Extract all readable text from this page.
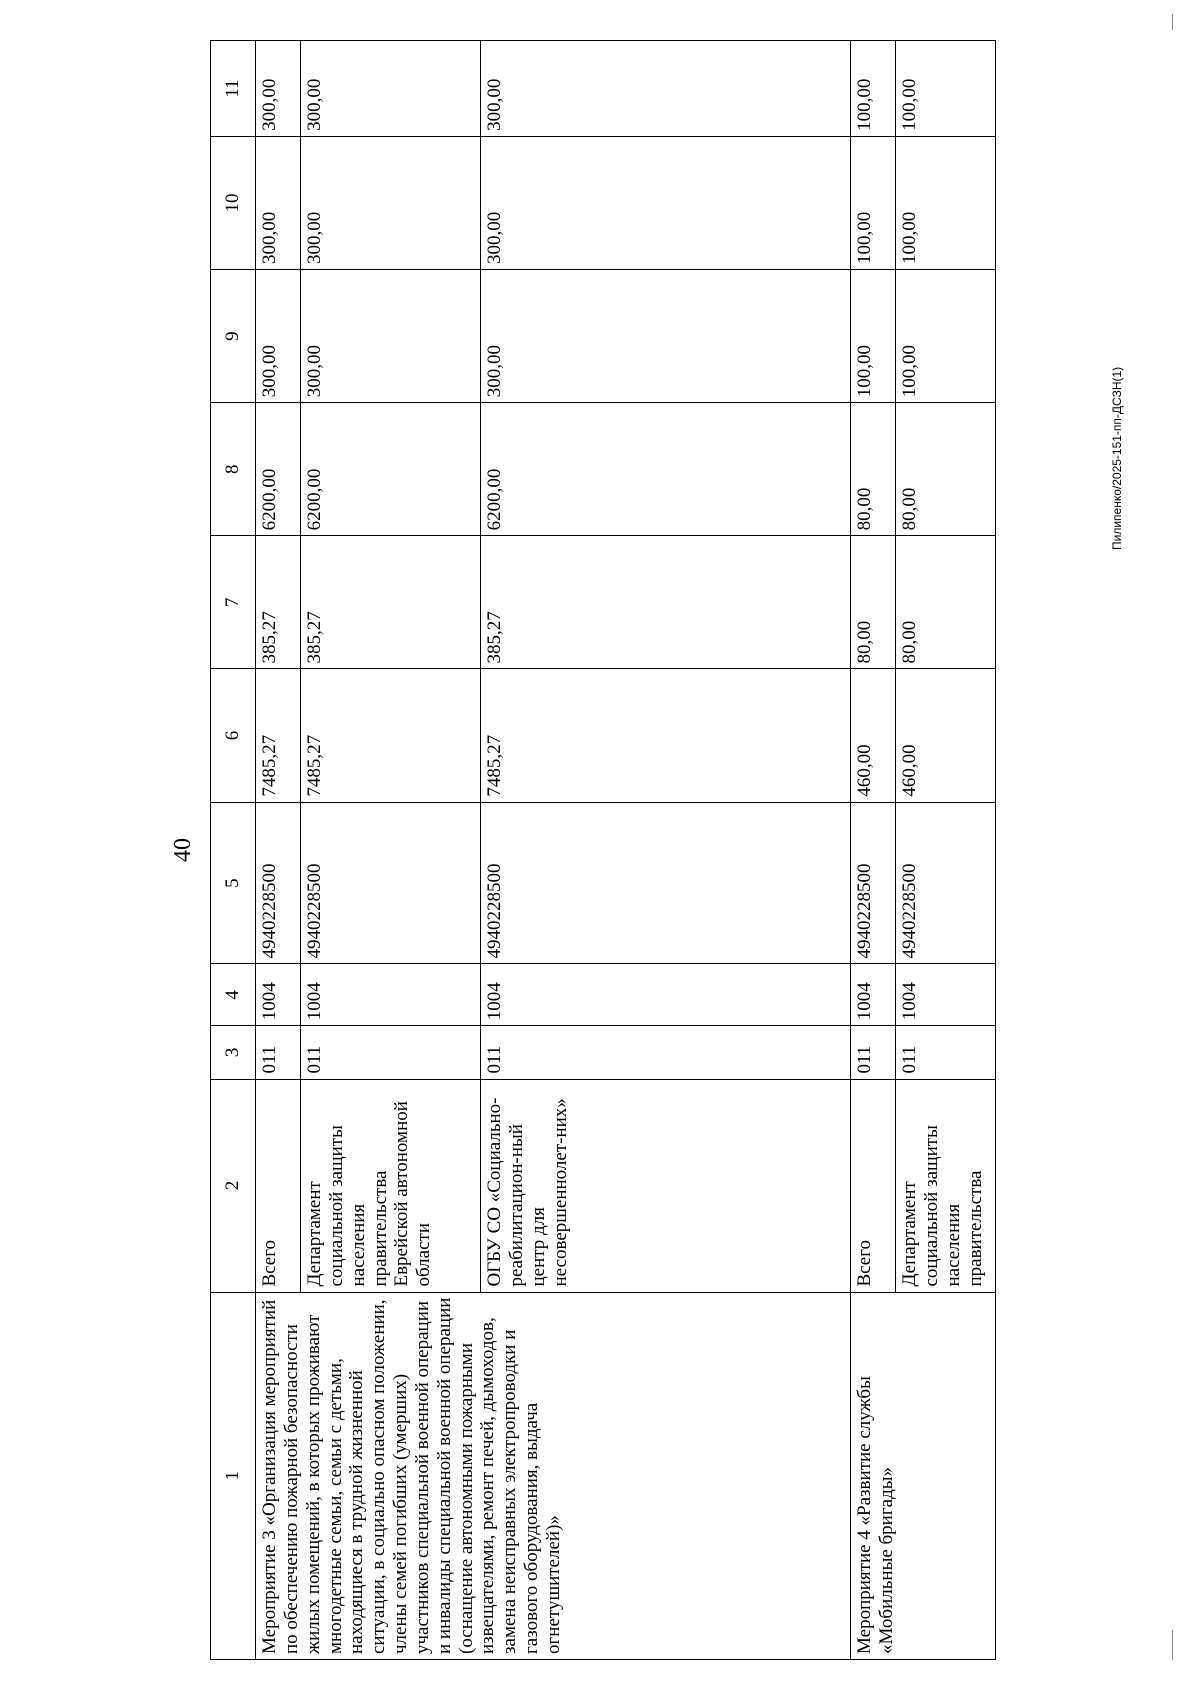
40
1	2	3	4	5	6	7	8	9	10	11
Мероприятие 3 «Организация мероприятий по обеспечению пожарной безопасности жилых помещений, в которых проживают многодетные семьи, семьи с детьми, находящиеся в трудной жизненной ситуации, в социально опасном положении, члены семей погибших (умерших) участников специальной военной операции и инвалиды специальной военной операции (оснащение автономными пожарными извещателями, ремонт печей, дымоходов, замена неисправных электропроводки и газового оборудования, выдача огнетушителей)»	Всего	011	1004	4940228500	7485,27	385,27	6200,00	300,00	300,00	300,00
	Департамент социальной защиты населения правительства Еврейской автономной области	011	1004	4940228500	7485,27	385,27	6200,00	300,00	300,00	300,00
	ОГБУ СО «Социально-реабилитацион-ный центр для несовершеннолет-них»	011	1004	4940228500	7485,27	385,27	6200,00	300,00	300,00	300,00
Мероприятие 4 «Развитие службы «Мобильные бригады»	Всего	011	1004	4940228500	460,00	80,00	80,00	100,00	100,00	100,00
	Департамент социальной защиты населения правительства	011	1004	4940228500	460,00	80,00	80,00	100,00	100,00	100,00
Пилипенко/2025-151-пп-ДСЗН(1)
